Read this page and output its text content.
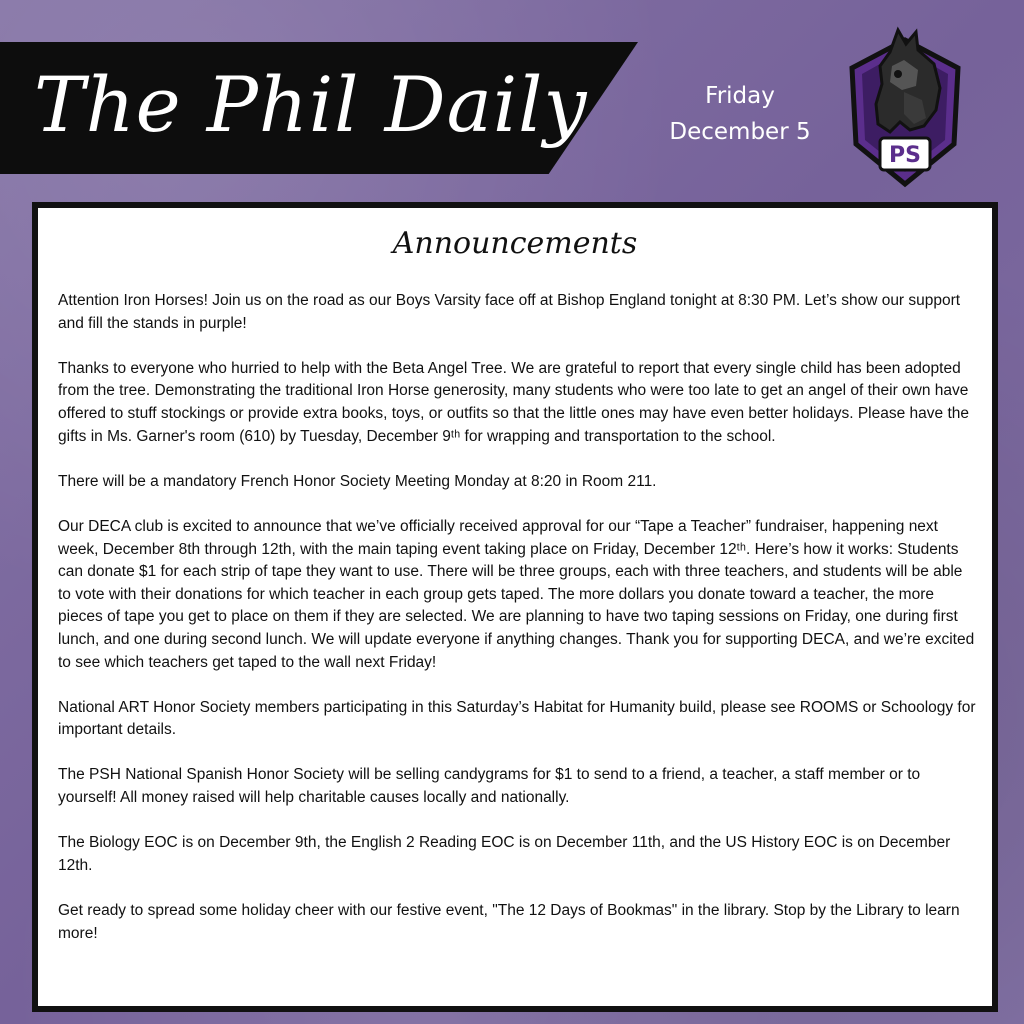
The Phil Daily	Friday
December 5
PS
Announcements

Attention Iron Horses! Join us on the road as our Boys Varsity face off at Bishop England tonight at 8:30 PM. Let’s show our support and fill the stands in purple!

Thanks to everyone who hurried to help with the Beta Angel Tree. We are grateful to report that every single child has been adopted from the tree. Demonstrating the traditional Iron Horse generosity, many students who were too late to get an angel of their own have offered to stuff stockings or provide extra books, toys, or outfits so that the little ones may have even better holidays. Please have the gifts in Ms. Garner's room (610) by Tuesday, December 9ᵗʰ for wrapping and transportation to the school.

There will be a mandatory French Honor Society Meeting Monday at 8:20 in Room 211.

Our DECA club is excited to announce that we’ve officially received approval for our “Tape a Teacher” fundraiser, happening next week, December 8th through 12th, with the main taping event taking place on Friday, December 12ᵗʰ. Here’s how it works: Students can donate $1 for each strip of tape they want to use. There will be three groups, each with three teachers, and students will be able to vote with their donations for which teacher in each group gets taped. The more dollars you donate toward a teacher, the more pieces of tape you get to place on them if they are selected. We are planning to have two taping sessions on Friday, one during first lunch, and one during second lunch. We will update everyone if anything changes. Thank you for supporting DECA, and we’re excited to see which teachers get taped to the wall next Friday!

National ART Honor Society members participating in this Saturday’s Habitat for Humanity build, please see ROOMS or Schoology for important details.

The PSH National Spanish Honor Society will be selling candygrams for $1 to send to a friend, a teacher, a staff member or to yourself! All money raised will help charitable causes locally and nationally.

The Biology EOC is on December 9th, the English 2 Reading EOC is on December 11th, and the US History EOC is on December 12th.

Get ready to spread some holiday cheer with our festive event, "The 12 Days of Bookmas" in the library. Stop by the Library to learn more!
